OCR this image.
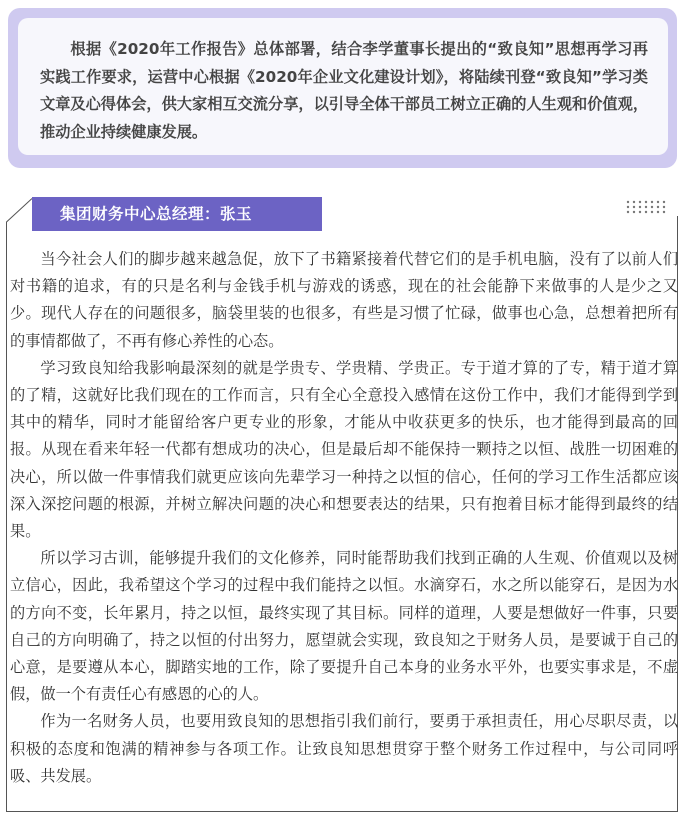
根据《2020年工作报告》总体部署，结合李学董事长提出的“致良知”思想再学习再实践工作要求，运营中心根据《2020年企业文化建设计划》，将陆续刊登“致良知”学习类文章及心得体会，供大家相互交流分享，以引导全体干部员工树立正确的人生观和价值观，推动企业持续健康发展。

集团财务中心总经理：张玉

当今社会人们的脚步越来越急促，放下了书籍紧接着代替它们的是手机电脑，没有了以前人们对书籍的追求，有的只是名利与金钱手机与游戏的诱惑，现在的社会能静下来做事的人是少之又少。现代人存在的问题很多，脑袋里装的也很多，有些是习惯了忙碌，做事也心急，总想着把所有的事情都做了，不再有修心养性的心态。

学习致良知给我影响最深刻的就是学贵专、学贵精、学贵正。专于道才算的了专，精于道才算的了精，这就好比我们现在的工作而言，只有全心全意投入感情在这份工作中，我们才能得到学到其中的精华，同时才能留给客户更专业的形象，才能从中收获更多的快乐，也才能得到最高的回报。从现在看来年轻一代都有想成功的决心，但是最后却不能保持一颗持之以恒、战胜一切困难的决心，所以做一件事情我们就更应该向先辈学习一种持之以恒的信心，任何的学习工作生活都应该深入深挖问题的根源，并树立解决问题的决心和想要表达的结果，只有抱着目标才能得到最终的结果。

所以学习古训，能够提升我们的文化修养，同时能帮助我们找到正确的人生观、价值观以及树立信心，因此，我希望这个学习的过程中我们能持之以恒。水滴穿石，水之所以能穿石，是因为水的方向不变，长年累月，持之以恒，最终实现了其目标。同样的道理，人要是想做好一件事，只要自己的方向明确了，持之以恒的付出努力，愿望就会实现，致良知之于财务人员，是要诚于自己的心意，是要遵从本心，脚踏实地的工作，除了要提升自己本身的业务水平外，也要实事求是，不虚假，做一个有责任心有感恩的心的人。

作为一名财务人员，也要用致良知的思想指引我们前行，要勇于承担责任，用心尽职尽责，以积极的态度和饱满的精神参与各项工作。让致良知思想贯穿于整个财务工作过程中，与公司同呼吸、共发展。
